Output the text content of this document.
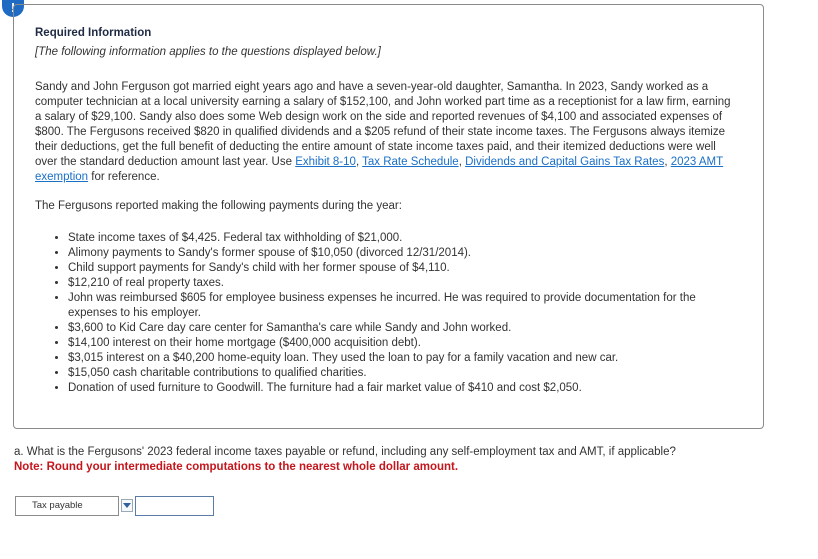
!
Required Information
[The following information applies to the questions displayed below.]
Sandy and John Ferguson got married eight years ago and have a seven-year-old daughter, Samantha. In 2023, Sandy worked as a computer technician at a local university earning a salary of $152,100, and John worked part time as a receptionist for a law firm, earning a salary of $29,100. Sandy also does some Web design work on the side and reported revenues of $4,100 and associated expenses of $800. The Fergusons received $820 in qualified dividends and a $205 refund of their state income taxes. The Fergusons always itemize their deductions, get the full benefit of deducting the entire amount of state income taxes paid, and their itemized deductions were well over the standard deduction amount last year. Use Exhibit 8-10, Tax Rate Schedule, Dividends and Capital Gains Tax Rates, 2023 AMT exemption for reference.
The Fergusons reported making the following payments during the year:
• State income taxes of $4,425. Federal tax withholding of $21,000.
• Alimony payments to Sandy's former spouse of $10,050 (divorced 12/31/2014).
• Child support payments for Sandy's child with her former spouse of $4,110.
• $12,210 of real property taxes.
• John was reimbursed $605 for employee business expenses he incurred. He was required to provide documentation for the expenses to his employer.
• $3,600 to Kid Care day care center for Samantha's care while Sandy and John worked.
• $14,100 interest on their home mortgage ($400,000 acquisition debt).
• $3,015 interest on a $40,200 home-equity loan. They used the loan to pay for a family vacation and new car.
• $15,050 cash charitable contributions to qualified charities.
• Donation of used furniture to Goodwill. The furniture had a fair market value of $410 and cost $2,050.
a. What is the Fergusons' 2023 federal income taxes payable or refund, including any self-employment tax and AMT, if applicable?
Note: Round your intermediate computations to the nearest whole dollar amount.
Tax payable
